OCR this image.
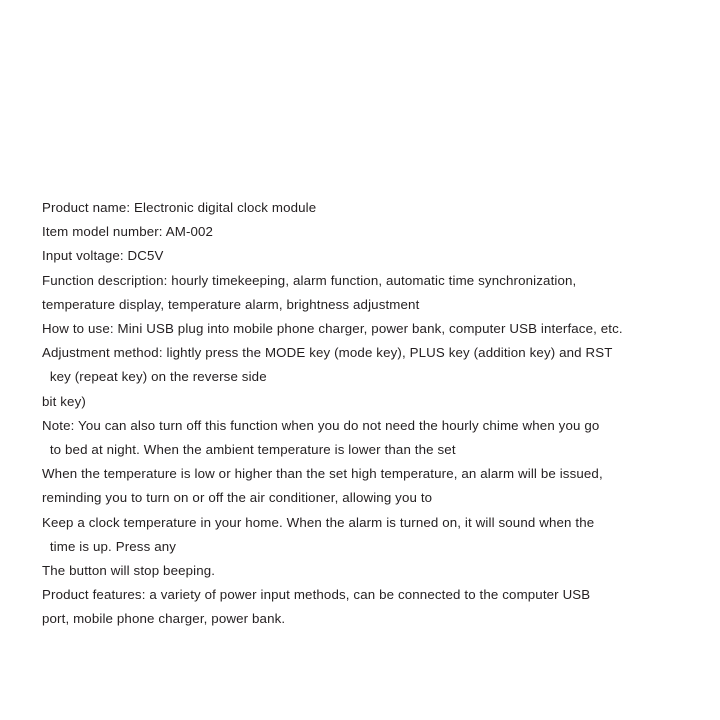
Product name: Electronic digital clock module
Item model number: AM-002
Input voltage: DC5V
Function description: hourly timekeeping, alarm function, automatic time synchronization,
temperature display, temperature alarm, brightness adjustment
How to use: Mini USB plug into mobile phone charger, power bank, computer USB interface, etc.
Adjustment method: lightly press the MODE key (mode key), PLUS key (addition key) and RST
key (repeat key) on the reverse side
bit key)
Note: You can also turn off this function when you do not need the hourly chime when you go
to bed at night. When the ambient temperature is lower than the set
When the temperature is low or higher than the set high temperature, an alarm will be issued,
reminding you to turn on or off the air conditioner, allowing you to
Keep a clock temperature in your home. When the alarm is turned on, it will sound when the
time is up. Press any
The button will stop beeping.
Product features: a variety of power input methods, can be connected to the computer USB
port, mobile phone charger, power bank.
